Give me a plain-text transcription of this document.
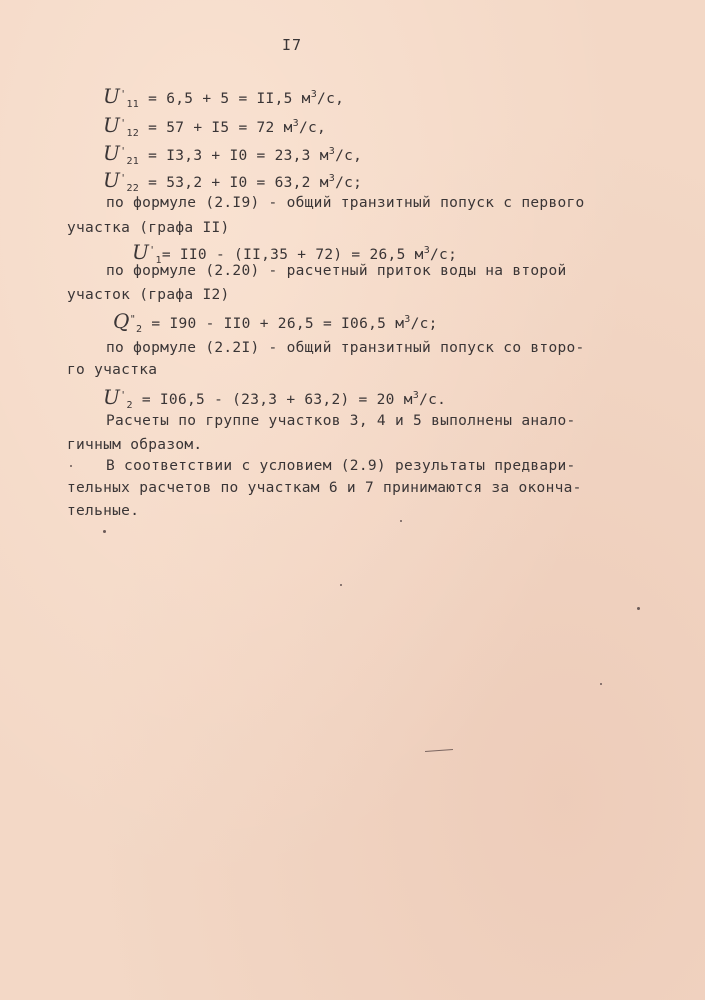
I7
$U'_{11} = 6,5 + 5 = II,5$ $м^3/с$,
$U'_{12} = 57 + I5 = 72$ $м^3/с$,
$U'_{21} = I3,3 + I0 = 23,3$ $м^3/с$,
$U'_{22} = 53,2 + I0 = 63,2$ $м^3/с$;
по формуле (2.I9) - общий транзитный попуск с первого
участка (графа II)
$U'_1= II0 - (II,35 + 72) = 26,5$ $м^3/с$;
по формуле (2.20) - расчетный приток воды на второй
участок (графа I2)
$Q^"_2 = I90 - II0 + 26,5 = I06,5$ $м^3/с$;
по формуле (2.2I) - общий транзитный попуск со второ-
го участка
$U'_2 = I06,5 - (23,3 + 63,2) = 20$ $м^3/с$.
Расчеты по группе участков 3, 4 и 5 выполнены анало-
гичным образом.
В соответствии с условием (2.9) результаты предвари-
тельных расчетов по участкам 6 и 7 принимаются за оконча-
тельные.
